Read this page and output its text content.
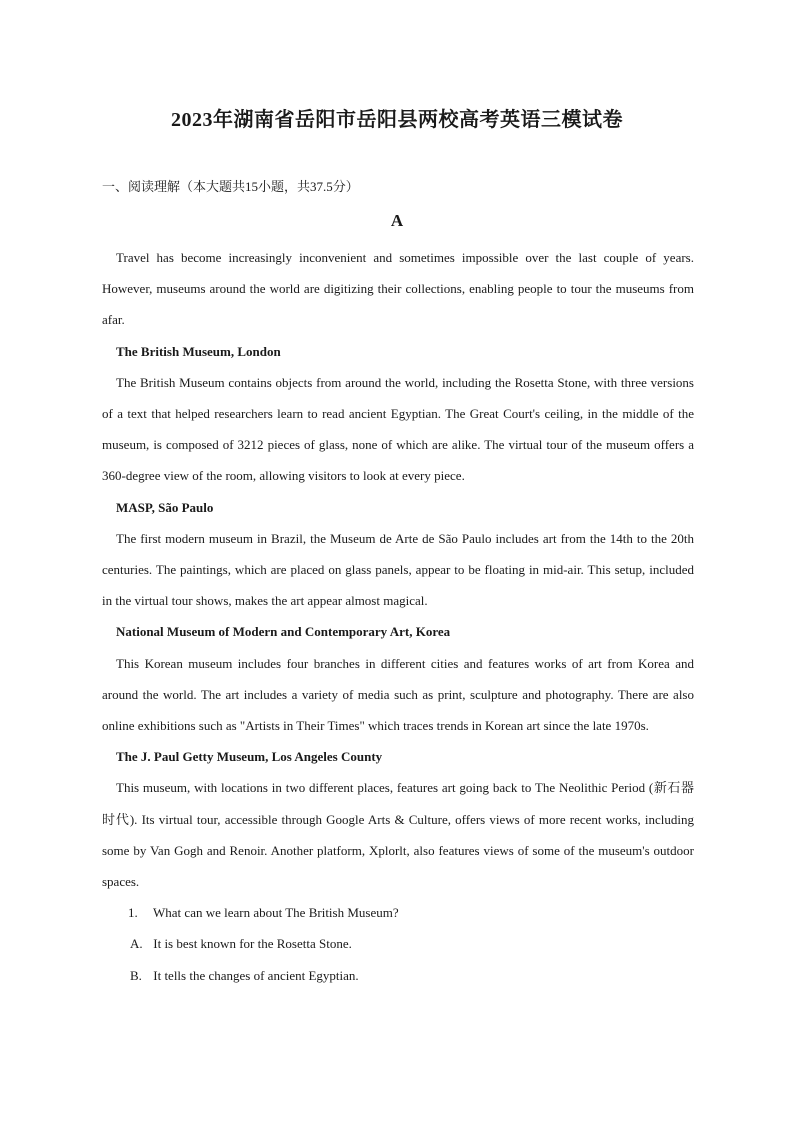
2023年湖南省岳阳市岳阳县两校高考英语三模试卷
一、阅读理解（本大题共15小题，共37.5分）
A

Travel has become increasingly inconvenient and sometimes impossible over the last couple of years. However, museums around the world are digitizing their collections, enabling people to tour the museums from afar.

The British Museum, London

The British Museum contains objects from around the world, including the Rosetta Stone, with three versions of a text that helped researchers learn to read ancient Egyptian. The Great Court's ceiling, in the middle of the museum, is composed of 3212 pieces of glass, none of which are alike. The virtual tour of the museum offers a 360-degree view of the room, allowing visitors to look at every piece.

MASP, São Paulo

The first modern museum in Brazil, the Museum de Arte de São Paulo includes art from the 14th to the 20th centuries. The paintings, which are placed on glass panels, appear to be floating in mid-air. This setup, included in the virtual tour shows, makes the art appear almost magical.

National Museum of Modern and Contemporary Art, Korea

This Korean museum includes four branches in different cities and features works of art from Korea and around the world. The art includes a variety of media such as print, sculpture and photography. There are also online exhibitions such as "Artists in Their Times" which traces trends in Korean art since the late 1970s.

The J. Paul Getty Museum, Los Angeles County

This museum, with locations in two different places, features art going back to The Neolithic Period (新石器时代). Its virtual tour, accessible through Google Arts & Culture, offers views of more recent works, including some by Van Gogh and Renoir. Another platform, Xplorlt, also features views of some of the museum's outdoor spaces.

1. What can we learn about The British Museum?

A. It is best known for the Rosetta Stone.

B. It tells the changes of ancient Egyptian.
